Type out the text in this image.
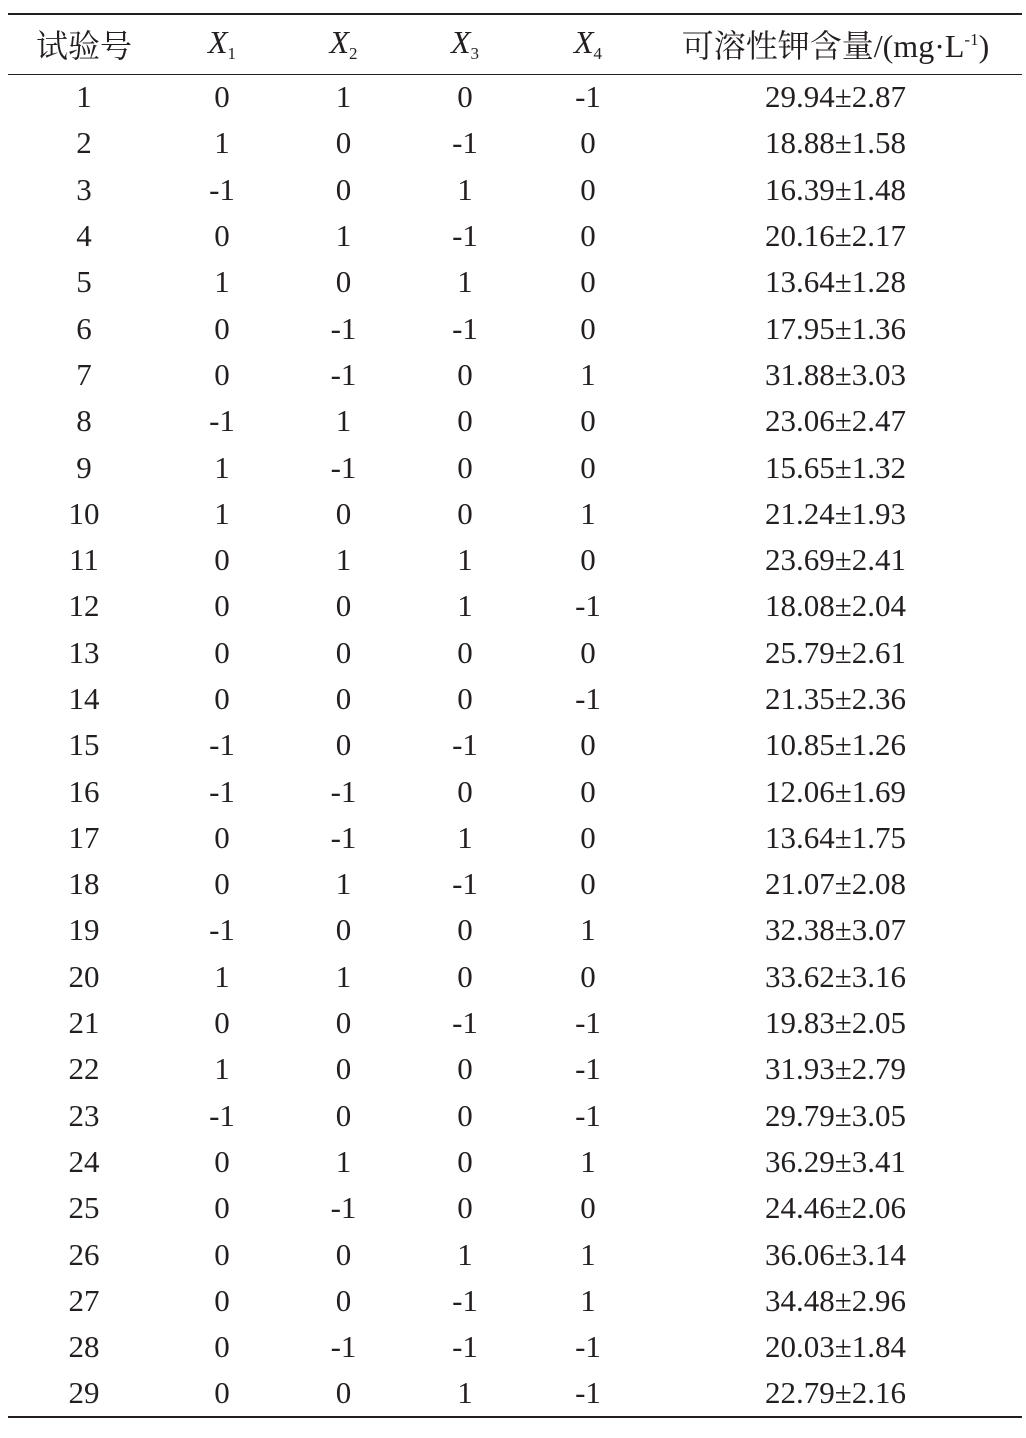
试验号	$X_1$	$X_2$	$X_3$	$X_4$	可溶性钾含量$/(mg\cdot L^{-1})$
1	0	1	0	-1	29.94±2.87
2	1	0	-1	0	18.88±1.58
3	-1	0	1	0	16.39±1.48
4	0	1	-1	0	20.16±2.17
5	1	0	1	0	13.64±1.28
6	0	-1	-1	0	17.95±1.36
7	0	-1	0	1	31.88±3.03
8	-1	1	0	0	23.06±2.47
9	1	-1	0	0	15.65±1.32
10	1	0	0	1	21.24±1.93
11	0	1	1	0	23.69±2.41
12	0	0	1	-1	18.08±2.04
13	0	0	0	0	25.79±2.61
14	0	0	0	-1	21.35±2.36
15	-1	0	-1	0	10.85±1.26
16	-1	-1	0	0	12.06±1.69
17	0	-1	1	0	13.64±1.75
18	0	1	-1	0	21.07±2.08
19	-1	0	0	1	32.38±3.07
20	1	1	0	0	33.62±3.16
21	0	0	-1	-1	19.83±2.05
22	1	0	0	-1	31.93±2.79
23	-1	0	0	-1	29.79±3.05
24	0	1	0	1	36.29±3.41
25	0	-1	0	0	24.46±2.06
26	0	0	1	1	36.06±3.14
27	0	0	-1	1	34.48±2.96
28	0	-1	-1	-1	20.03±1.84
29	0	0	1	-1	22.79±2.16
